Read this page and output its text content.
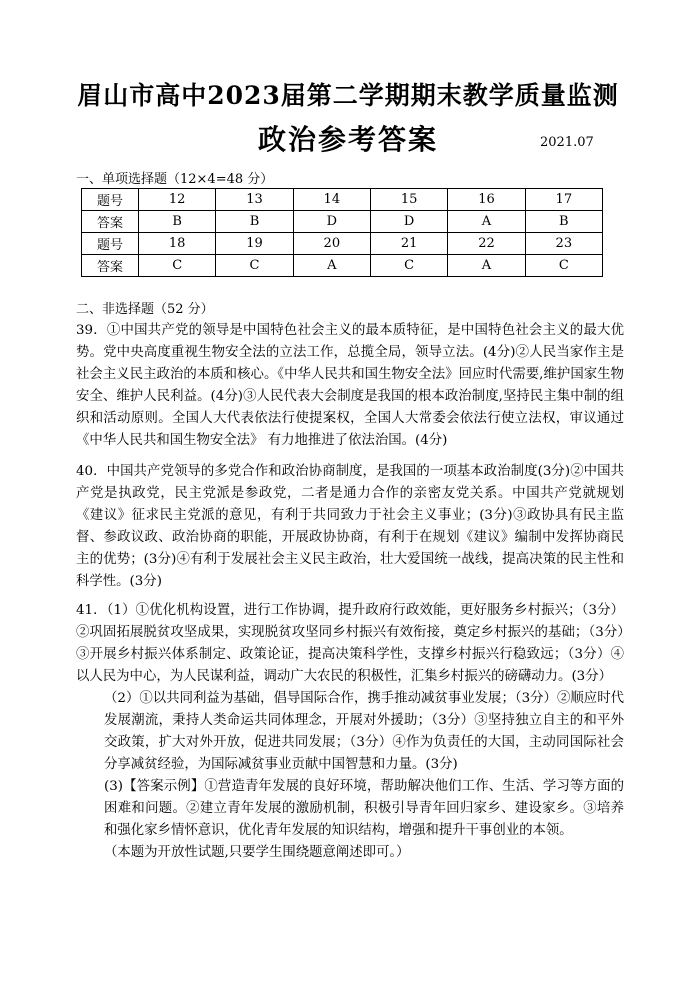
眉山市高中2023届第二学期期末教学质量监测
政治参考答案	2021.07
一、单项选择题（12×4=48 分）
题号	12	13	14	15	16	17
答案	B	B	D	D	A	B
题号	18	19	20	21	22	23
答案	C	C	A	C	A	C
二、非选择题（52 分）

39．①中国共产党的领导是中国特色社会主义的最本质特征，是中国特色社会主义的最大优势。党中央高度重视生物安全法的立法工作，总揽全局，领导立法。(4分)②人民当家作主是社会主义民主政治的本质和核心。《中华人民共和国生物安全法》回应时代需要,维护国家生物安全、维护人民利益。(4分)③人民代表大会制度是我国的根本政治制度,坚持民主集中制的组织和活动原则。全国人大代表依法行使提案权，全国人大常委会依法行使立法权，审议通过《中华人民共和国生物安全法》 有力地推进了依法治国。(4分)

40．中国共产党领导的多党合作和政治协商制度，是我国的一项基本政治制度(3分)②中国共产党是执政党，民主党派是参政党，二者是通力合作的亲密友党关系。中国共产党就规划《建议》征求民主党派的意见，有利于共同致力于社会主义事业；(3分)③政协具有民主监督、参政议政、政治协商的职能，开展政协协商，有利于在规划《建议》编制中发挥协商民主的优势；(3分)④有利于发展社会主义民主政治，壮大爱国统一战线，提高决策的民主性和科学性。(3分)

41．（1）①优化机构设置，进行工作协调，提升政府行政效能，更好服务乡村振兴；（3分）②巩固拓展脱贫攻坚成果，实现脱贫攻坚同乡村振兴有效衔接，奠定乡村振兴的基础；（3分）③开展乡村振兴体系制定、政策论证，提高决策科学性，支撑乡村振兴行稳致远；（3分）④以人民为中心，为人民谋利益，调动广大农民的积极性，汇集乡村振兴的磅礴动力。(3分）

（2）①以共同利益为基础，倡导国际合作，携手推动减贫事业发展；（3分）②顺应时代发展潮流，秉持人类命运共同体理念，开展对外援助；（3分）③坚持独立自主的和平外交政策，扩大对外开放，促进共同发展；（3分）④作为负责任的大国，主动同国际社会分享减贫经验，为国际减贫事业贡献中国智慧和力量。(3分)

(3)【答案示例】①营造青年发展的良好环境，帮助解决他们工作、生活、学习等方面的困难和问题。②建立青年发展的激励机制，积极引导青年回归家乡、建设家乡。③培养和强化家乡情怀意识，优化青年发展的知识结构，增强和提升干事创业的本领。

（本题为开放性试题,只要学生围绕题意阐述即可。）
